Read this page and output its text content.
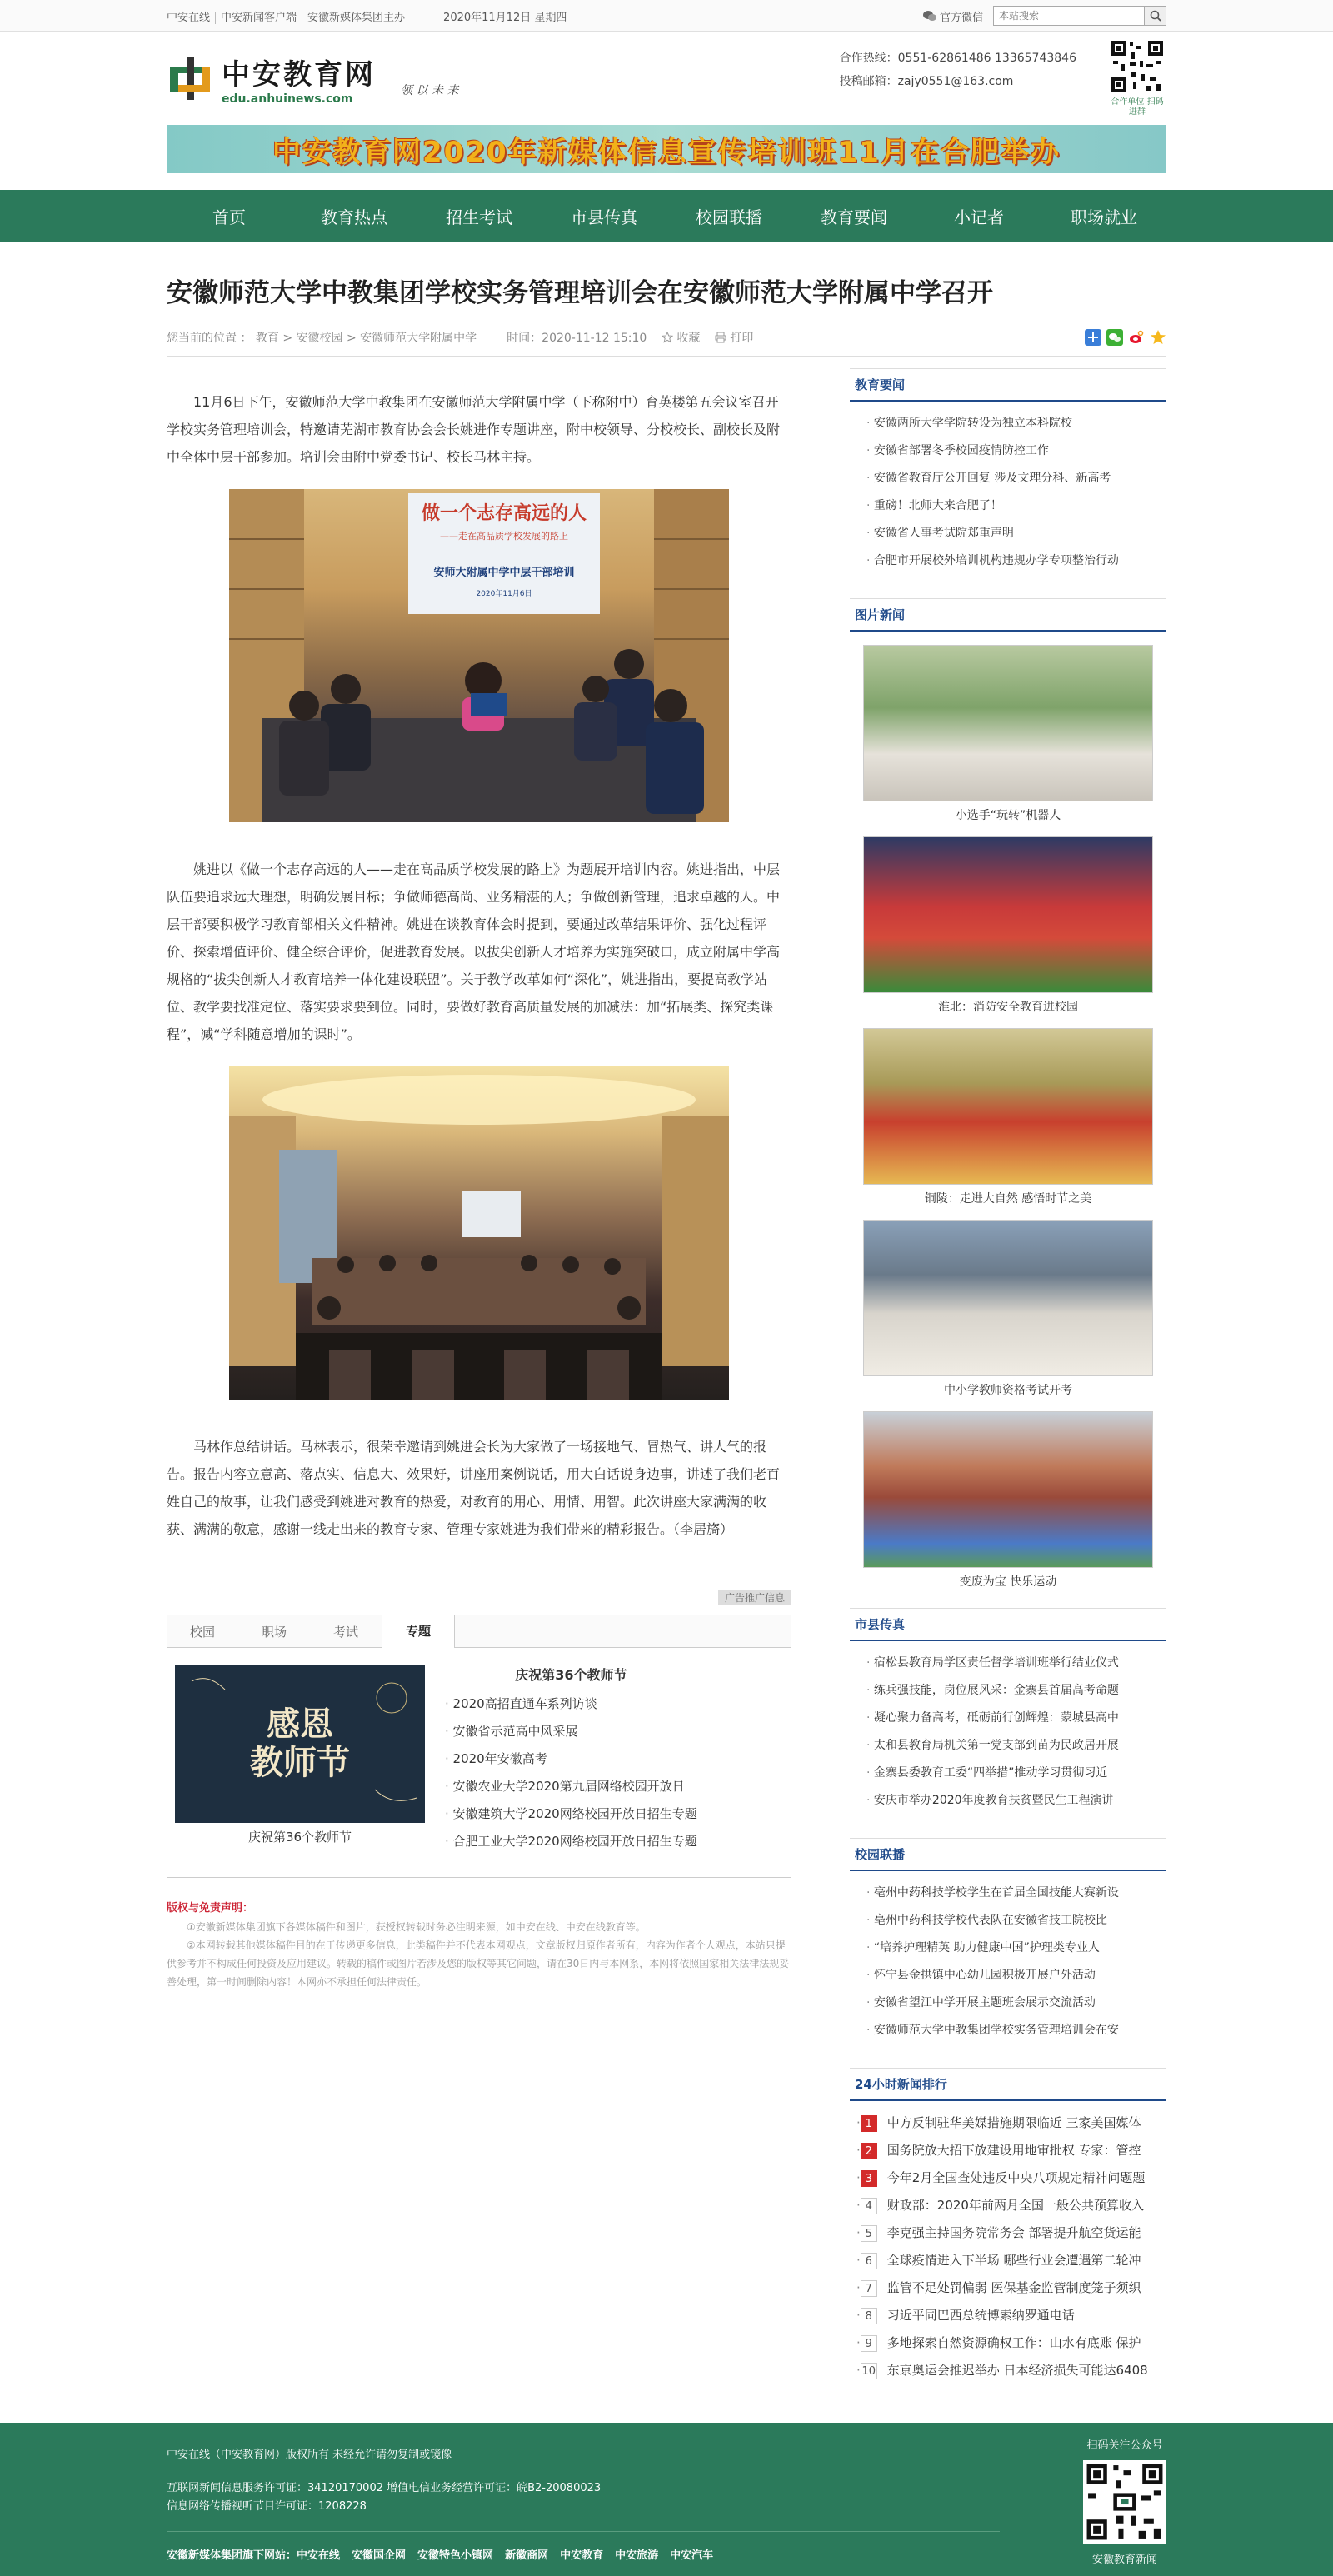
中安在线 中安新闻客户端 安徽新媒体集团主办	2020年11月12日 星期四	官方微信
本站搜索
中安教育网
edu.anhuinews.com
领 以 未 来
合作热线：0551-62861486 13365743846
投稿邮箱：zajy0551@163.com
合作单位 扫码进群
中安教育网2020年新媒体信息宣传培训班11月在合肥举办
首页	教育热点	招生考试	市县传真	校园联播	教育要闻	小记者	职场就业
安徽师范大学中教集团学校实务管理培训会在安徽师范大学附属中学召开
您当前的位置 ： 教育 > 安徽校园 > 安徽师范大学附属中学	时间：2020-11-12 15:10	收藏	打印

11月6日下午，安徽师范大学中教集团在安徽师范大学附属中学（下称附中）育英楼第五会议室召开学校实务管理培训会，特邀请芜湖市教育协会会长姚进作专题讲座，附中校领导、分校校长、副校长及附中全体中层干部参加。培训会由附中党委书记、校长马林主持。

做一个志存高远的人
——走在高品质学校发展的路上
安师大附属中学中层干部培训
2020年11月6日

姚进以《做一个志存高远的人——走在高品质学校发展的路上》为题展开培训内容。姚进指出，中层队伍要追求远大理想，明确发展目标；争做师德高尚、业务精湛的人；争做创新管理，追求卓越的人。中层干部要积极学习教育部相关文件精神。姚进在谈教育体会时提到，要通过改革结果评价、强化过程评价、探索增值评价、健全综合评价，促进教育发展。以拔尖创新人才培养为实施突破口，成立附属中学高规格的“拔尖创新人才教育培养一体化建设联盟”。关于教学改革如何“深化”，姚进指出，要提高教学站位、教学要找准定位、落实要求要到位。同时，要做好教育高质量发展的加减法：加“拓展类、探究类课程”，减“学科随意增加的课时”。

马林作总结讲话。马林表示，很荣幸邀请到姚进会长为大家做了一场接地气、冒热气、讲人气的报告。报告内容立意高、落点实、信息大、效果好，讲座用案例说话，用大白话说身边事，讲述了我们老百姓自己的故事，让我们感受到姚进对教育的热爱，对教育的用心、用情、用智。此次讲座大家满满的收获、满满的敬意，感谢一线走出来的教育专家、管理专家姚进为我们带来的精彩报告。（李居旖）

广告推广信息
校园	职场	考试	专题
感恩
教师节
庆祝第36个教师节
庆祝第36个教师节
· 2020高招直通车系列访谈
· 安徽省示范高中风采展
· 2020年安徽高考
· 安徽农业大学2020第九届网络校园开放日
· 安徽建筑大学2020网络校园开放日招生专题
· 合肥工业大学2020网络校园开放日招生专题
版权与免责声明：

①安徽新媒体集团旗下各媒体稿件和图片，获授权转载时务必注明来源，如中安在线、中安在线教育等。

②本网转载其他媒体稿件目的在于传递更多信息，此类稿件并不代表本网观点，文章版权归原作者所有，内容为作者个人观点，本站只提供参考并不构成任何投资及应用建议。转载的稿件或图片若涉及您的版权等其它问题，请在30日内与本网系，本网将依照国家相关法律法规妥善处理，第一时间删除内容！本网亦不承担任何法律责任。

教育要闻
· 安徽两所大学学院转设为独立本科院校
· 安徽省部署冬季校园疫情防控工作
· 安徽省教育厅公开回复 涉及文理分科、新高考
· 重磅！北师大来合肥了！
· 安徽省人事考试院郑重声明
· 合肥市开展校外培训机构违规办学专项整治行动
图片新闻
小选手“玩转”机器人
淮北：消防安全教育进校园
铜陵：走进大自然 感悟时节之美
中小学教师资格考试开考
变废为宝 快乐运动
市县传真
· 宿松县教育局学区责任督学培训班举行结业仪式
· 练兵强技能，岗位展风采：金寨县首届高考命题
· 凝心聚力备高考，砥砺前行创辉煌：蒙城县高中
· 太和县教育局机关第一党支部到苗为民政居开展
· 金寨县委教育工委“四举措”推动学习贯彻习近
· 安庆市举办2020年度教育扶贫暨民生工程演讲
校园联播
· 亳州中药科技学校学生在首届全国技能大赛新设
· 亳州中药科技学校代表队在安徽省技工院校比
· “培养护理精英 助力健康中国”护理类专业人
· 怀宁县金拱镇中心幼儿园积极开展户外活动
· 安徽省望江中学开展主题班会展示交流活动
· 安徽师范大学中教集团学校实务管理培训会在安
24小时新闻排行
· 1	中方反制驻华美媒措施期限临近 三家美国媒体
· 2	国务院放大招下放建设用地审批权 专家：管控
· 3	今年2月全国查处违反中央八项规定精神问题题
· 4	财政部：2020年前两月全国一般公共预算收入
· 5	李克强主持国务院常务会 部署提升航空货运能
· 6	全球疫情进入下半场 哪些行业会遭遇第二轮冲
· 7	监管不足处罚偏弱 医保基金监管制度笼子须织
· 8	习近平同巴西总统博索纳罗通电话
· 9	多地探索自然资源确权工作：山水有底账 保护
· 10 东京奥运会推迟举办 日本经济损失可能达6408
中安在线（中安教育网）版权所有 未经允许请勿复制或镜像
互联网新闻信息服务许可证：34120170002 增值电信业务经营许可证：皖B2-20080023
信息网络传播视听节目许可证：1208228
安徽新媒体集团旗下网站：中安在线 安徽国企网 安徽特色小镇网 新徽商网 中安教育 中安旅游 中安汽车
扫码关注公众号
安徽教育新闻
